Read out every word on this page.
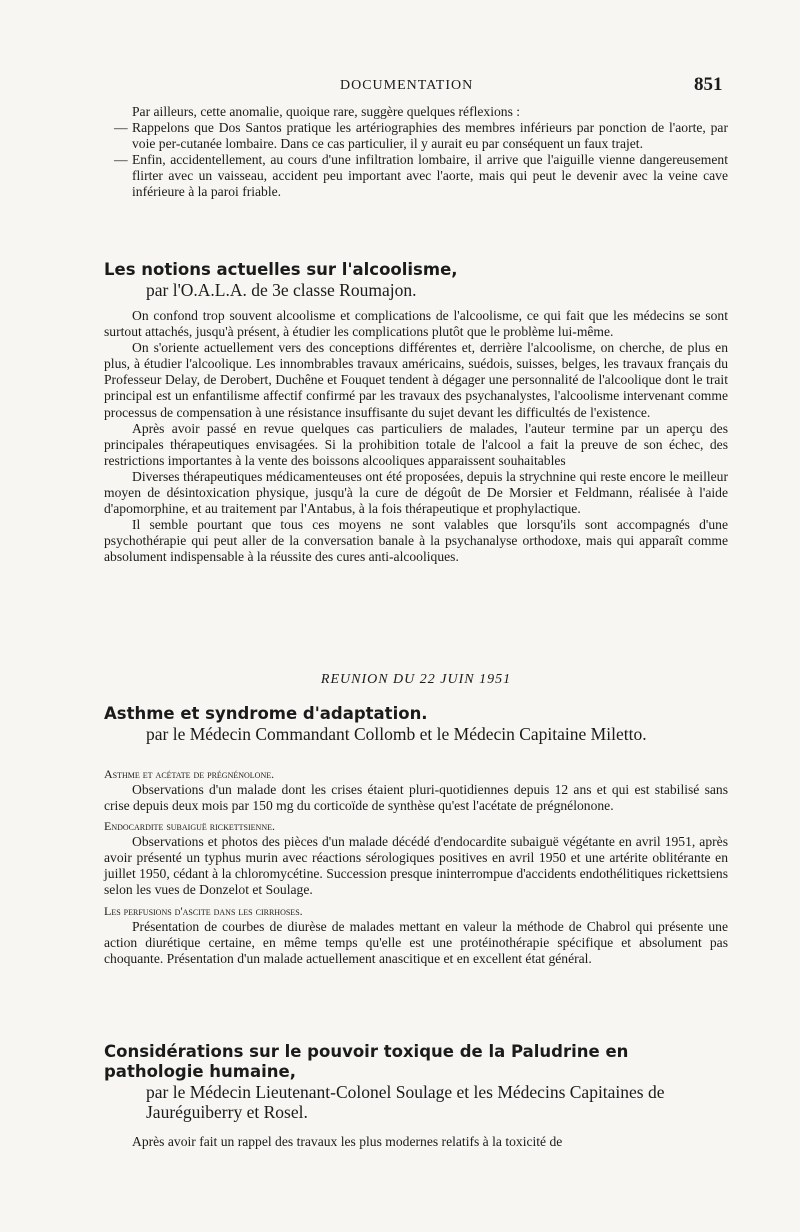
DOCUMENTATION	851

Par ailleurs, cette anomalie, quoique rare, suggère quelques réflexions :

— Rappelons que Dos Santos pratique les artériographies des membres inférieurs par ponction de l'aorte, par voie per-cutanée lombaire. Dans ce cas particulier, il y aurait eu par conséquent un faux trajet.
— Enfin, accidentellement, au cours d'une infiltration lombaire, il arrive que l'aiguille vienne dangereusement flirter avec un vaisseau, accident peu important avec l'aorte, mais qui peut le devenir avec la veine cave inférieure à la paroi friable.
Les notions actuelles sur l'alcoolisme,
par l'O.A.L.A. de 3e classe Roumajon.

On confond trop souvent alcoolisme et complications de l'alcoolisme, ce qui fait que les médecins se sont surtout attachés, jusqu'à présent, à étudier les complications plutôt que le problème lui-même.

On s'oriente actuellement vers des conceptions différentes et, derrière l'alcoolisme, on cherche, de plus en plus, à étudier l'alcoolique. Les innombrables travaux américains, suédois, suisses, belges, les travaux français du Professeur Delay, de Derobert, Duchêne et Fouquet tendent à dégager une personnalité de l'alcoolique dont le trait principal est un enfantilisme affectif confirmé par les travaux des psychanalystes, l'alcoolisme intervenant comme processus de compensation à une résistance insuffisante du sujet devant les difficultés de l'existence.

Après avoir passé en revue quelques cas particuliers de malades, l'auteur termine par un aperçu des principales thérapeutiques envisagées. Si la prohibition totale de l'alcool a fait la preuve de son échec, des restrictions importantes à la vente des boissons alcooliques apparaissent souhaitables

Diverses thérapeutiques médicamenteuses ont été proposées, depuis la strychnine qui reste encore le meilleur moyen de désintoxication physique, jusqu'à la cure de dégoût de De Morsier et Feldmann, réalisée à l'aide d'apomorphine, et au traitement par l'Antabus, à la fois thérapeutique et prophylactique.

Il semble pourtant que tous ces moyens ne sont valables que lorsqu'ils sont accompagnés d'une psychothérapie qui peut aller de la conversation banale à la psychanalyse orthodoxe, mais qui apparaît comme absolument indispensable à la réussite des cures anti-alcooliques.

REUNION DU 22 JUIN 1951
Asthme et syndrome d'adaptation.
par le Médecin Commandant Collomb et le Médecin Capitaine Miletto.
Asthme et acétate de prégnénolone.

Observations d'un malade dont les crises étaient pluri-quotidiennes depuis 12 ans et qui est stabilisé sans crise depuis deux mois par 150 mg du corticoïde de synthèse qu'est l'acétate de prégnélonone.

Endocardite subaiguë rickettsienne.

Observations et photos des pièces d'un malade décédé d'endocardite subaiguë végétante en avril 1951, après avoir présenté un typhus murin avec réactions sérologiques positives en avril 1950 et une artérite oblitérante en juillet 1950, cédant à la chloromycétine. Succession presque ininterrompue d'accidents endothélitiques rickettsiens selon les vues de Donzelot et Soulage.

Les perfusions d'ascite dans les cirrhoses.

Présentation de courbes de diurèse de malades mettant en valeur la méthode de Chabrol qui présente une action diurétique certaine, en même temps qu'elle est une protéinothérapie spécifique et absolument pas choquante. Présentation d'un malade actuellement anascitique et en excellent état général.

Considérations sur le pouvoir toxique de la Paludrine en pathologie humaine,
par le Médecin Lieutenant-Colonel Soulage et les Médecins Capitaines de Jauréguiberry et Rosel.

Après avoir fait un rappel des travaux les plus modernes relatifs à la toxicité de
